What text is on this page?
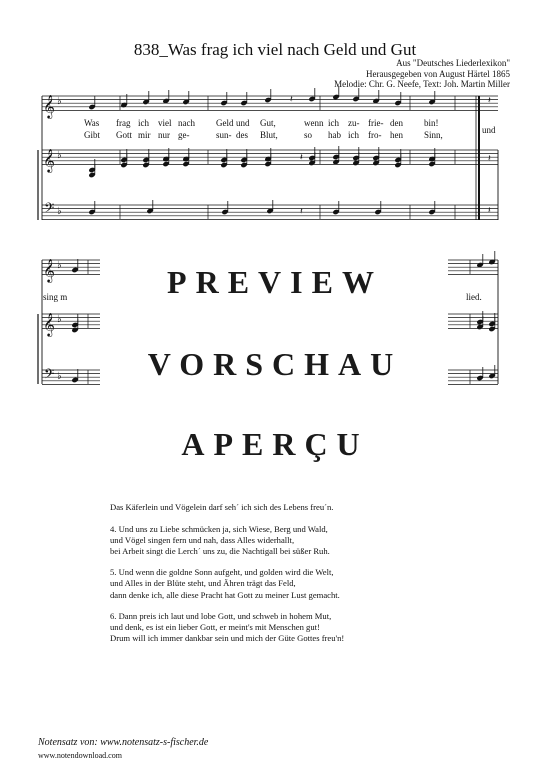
838_Was frag ich viel nach Geld und Gut
Aus "Deutsches Liederlexikon"
Herausgegeben von August Härtel 1865
Melodie: Chr. G. Neefe, Text: Joh. Martin Miller
𝄞
𝄞
𝄢
♭
♭
♭
𝄽
𝄽
𝄽
𝄽
𝄽
𝄽
𝄞
𝄞
𝄢
♭
♭
♭
Was frag ich viel nach Geld und Gut,	wenn ich zu- frie- den bin!
Gibt Gott mir nur ge-	sun- des Blut,	so hab ich fro- hen Sinn,	und
sing m	lied.
PREVIEW
VORSCHAU
APERÇU

Das Käferlein und Vögelein darf seh´ ich sich des Lebens freu´n.

4. Und uns zu Liebe schmücken ja, sich Wiese, Berg und Wald,
und Vögel singen fern und nah, dass Alles widerhallt,
bei Arbeit singt die Lerch´ uns zu, die Nachtigall bei süßer Ruh.

5. Und wenn die goldne Sonn aufgeht, und golden wird die Welt,
und Alles in der Blüte steht, und Ähren trägt das Feld,
dann denke ich, alle diese Pracht hat Gott zu meiner Lust gemacht.

6. Dann preis ich laut und lobe Gott, und schweb in hohem Mut,
und denk, es ist ein lieber Gott, er meint's mit Menschen gut!
Drum will ich immer dankbar sein und mich der Güte Gottes freu'n!

Notensatz von: www.notensatz-s-fischer.de
www.notendownload.com
